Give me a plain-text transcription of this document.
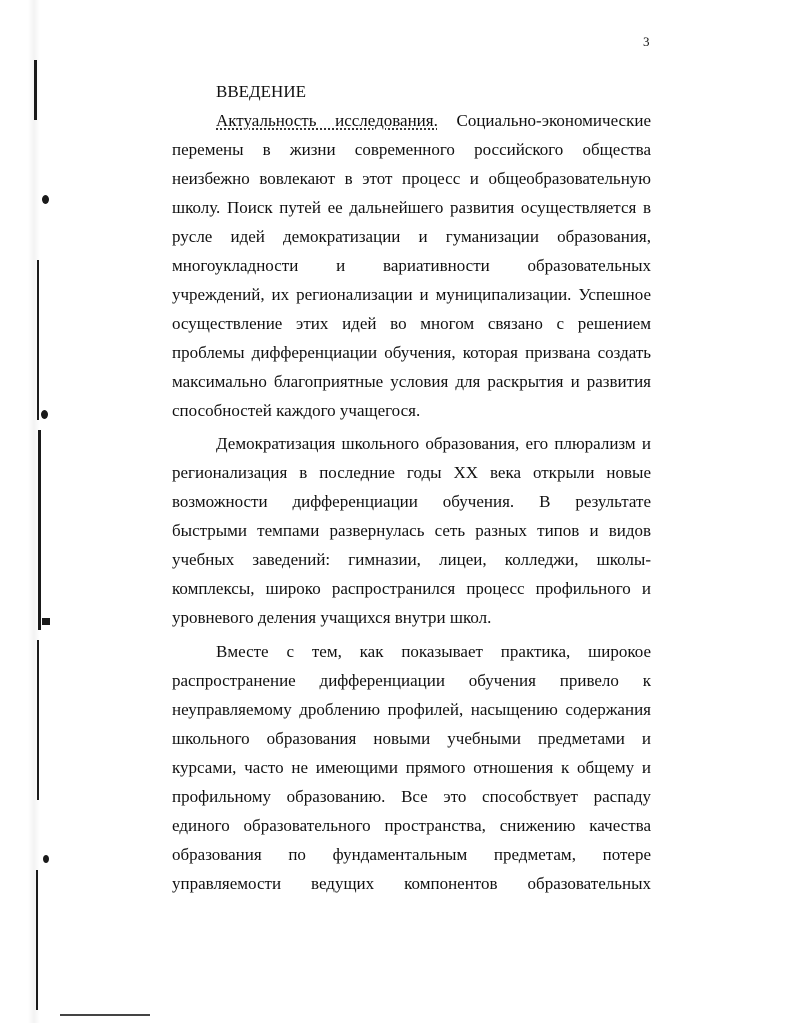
3
ВВЕДЕНИЕ
Актуальность исследования. Социально-экономические
перемены в жизни современного российского общества
неизбежно вовлекают в этот процесс и общеобразовательную
школу. Поиск путей ее дальнейшего развития осуществляется в
русле идей демократизации и гуманизации образования,
многоукладности и вариативности образовательных
учреждений, их регионализации и муниципализации. Успешное
осуществление этих идей во многом связано с решением
проблемы дифференциации обучения, которая призвана создать
максимально благоприятные условия для раскрытия и развития
способностей каждого учащегося.
Демократизация школьного образования, его плюрализм и
регионализация в последние годы XX века открыли новые
возможности дифференциации обучения. В результате
быстрыми темпами развернулась сеть разных типов и видов
учебных заведений: гимназии, лицеи, колледжи, школы-
комплексы, широко распространился процесс профильного и
уровневого деления учащихся внутри школ.
Вместе с тем, как показывает практика, широкое
распространение дифференциации обучения привело к
неуправляемому дроблению профилей, насыщению содержания
школьного образования новыми учебными предметами и
курсами, часто не имеющими прямого отношения к общему и
профильному образованию. Все это способствует распаду
единого образовательного пространства, снижению качества
образования по фундаментальным предметам, потере
управляемости ведущих компонентов образовательных
